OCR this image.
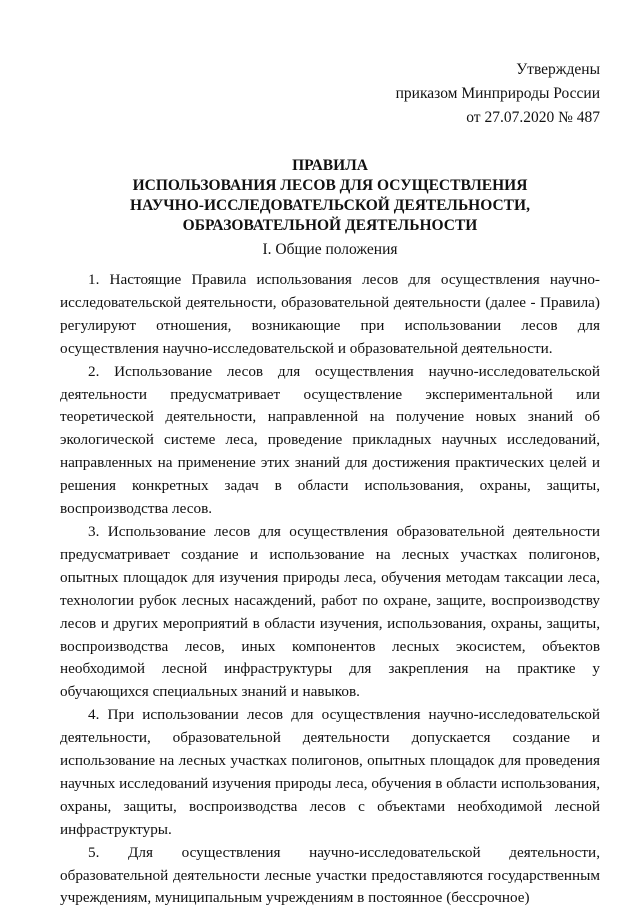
Утверждены
приказом Минприроды России
от 27.07.2020 № 487
ПРАВИЛА
ИСПОЛЬЗОВАНИЯ ЛЕСОВ ДЛЯ ОСУЩЕСТВЛЕНИЯ
НАУЧНО-ИССЛЕДОВАТЕЛЬСКОЙ ДЕЯТЕЛЬНОСТИ,
ОБРАЗОВАТЕЛЬНОЙ ДЕЯТЕЛЬНОСТИ
I. Общие положения

1. Настоящие Правила использования лесов для осуществления научно-исследовательской деятельности, образовательной деятельности (далее - Правила) регулируют отношения, возникающие при использовании лесов для осуществления научно-исследовательской и образовательной деятельности.

2. Использование лесов для осуществления научно-исследовательской деятельности предусматривает осуществление экспериментальной или теоретической деятельности, направленной на получение новых знаний об экологической системе леса, проведение прикладных научных исследований, направленных на применение этих знаний для достижения практических целей и решения конкретных задач в области использования, охраны, защиты, воспроизводства лесов.

3. Использование лесов для осуществления образовательной деятельности предусматривает создание и использование на лесных участках полигонов, опытных площадок для изучения природы леса, обучения методам таксации леса, технологии рубок лесных насаждений, работ по охране, защите, воспроизводству лесов и других мероприятий в области изучения, использования, охраны, защиты, воспроизводства лесов, иных компонентов лесных экосистем, объектов необходимой лесной инфраструктуры для закрепления на практике у обучающихся специальных знаний и навыков.

4. При использовании лесов для осуществления научно-исследовательской деятельности, образовательной деятельности допускается создание и использование на лесных участках полигонов, опытных площадок для проведения научных исследований изучения природы леса, обучения в области использования, охраны, защиты, воспроизводства лесов с объектами необходимой лесной инфраструктуры.

5. Для осуществления научно-исследовательской деятельности, образовательной деятельности лесные участки предоставляются государственным учреждениям, муниципальным учреждениям в постоянное (бессрочное)
